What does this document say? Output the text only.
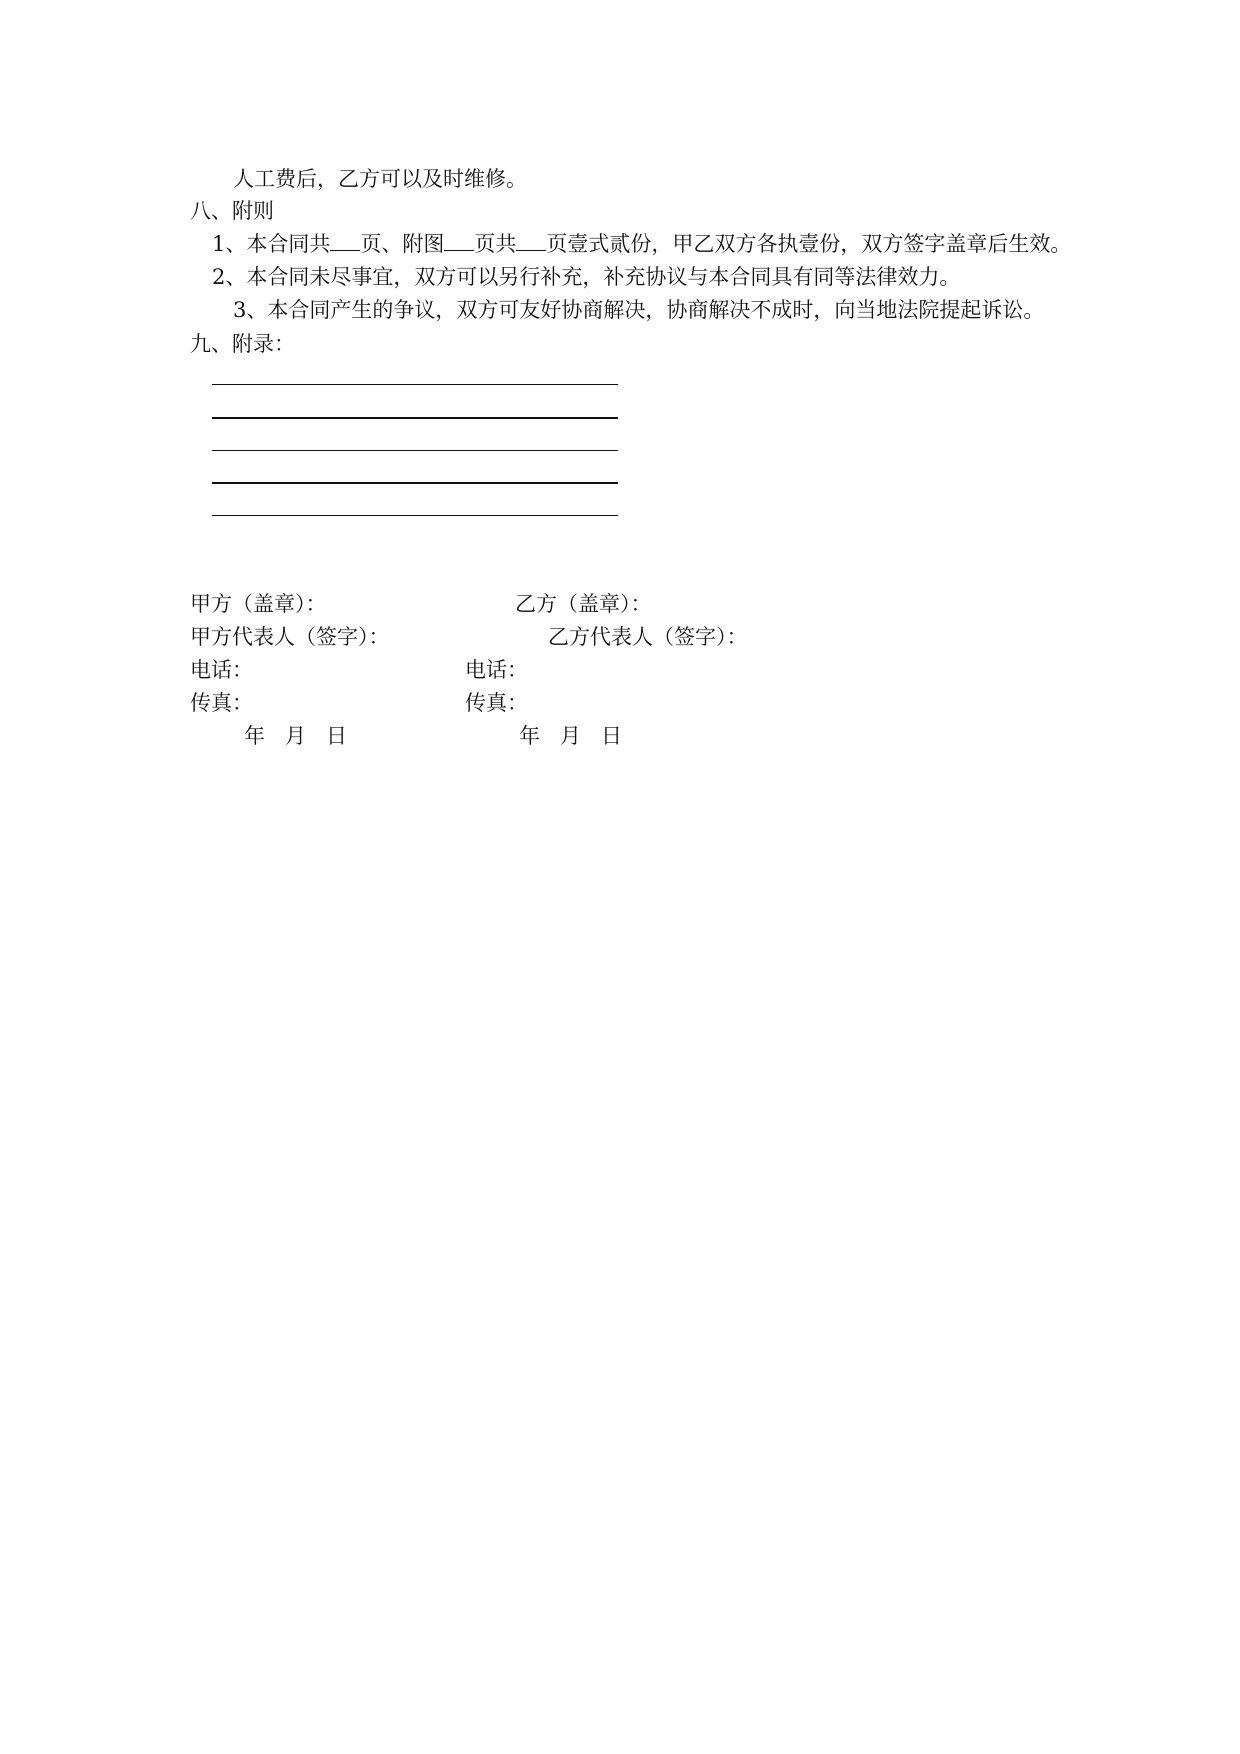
人工费后，乙方可以及时维修。
八、附则
1、本合同共 页、附图 页共 页壹式贰份，甲乙双方各执壹份，双方签字盖章后生效。
2、本合同未尽事宜，双方可以另行补充，补充协议与本合同具有同等法律效力。
3、本合同产生的争议，双方可友好协商解决，协商解决不成时，向当地法院提起诉讼。
九、附录：
甲方（盖章）：	乙方（盖章）：
甲方代表人（签字）：	乙方代表人（签字）：
电话：	电话：
传真：	传真：
年   月   日	年   月   日
